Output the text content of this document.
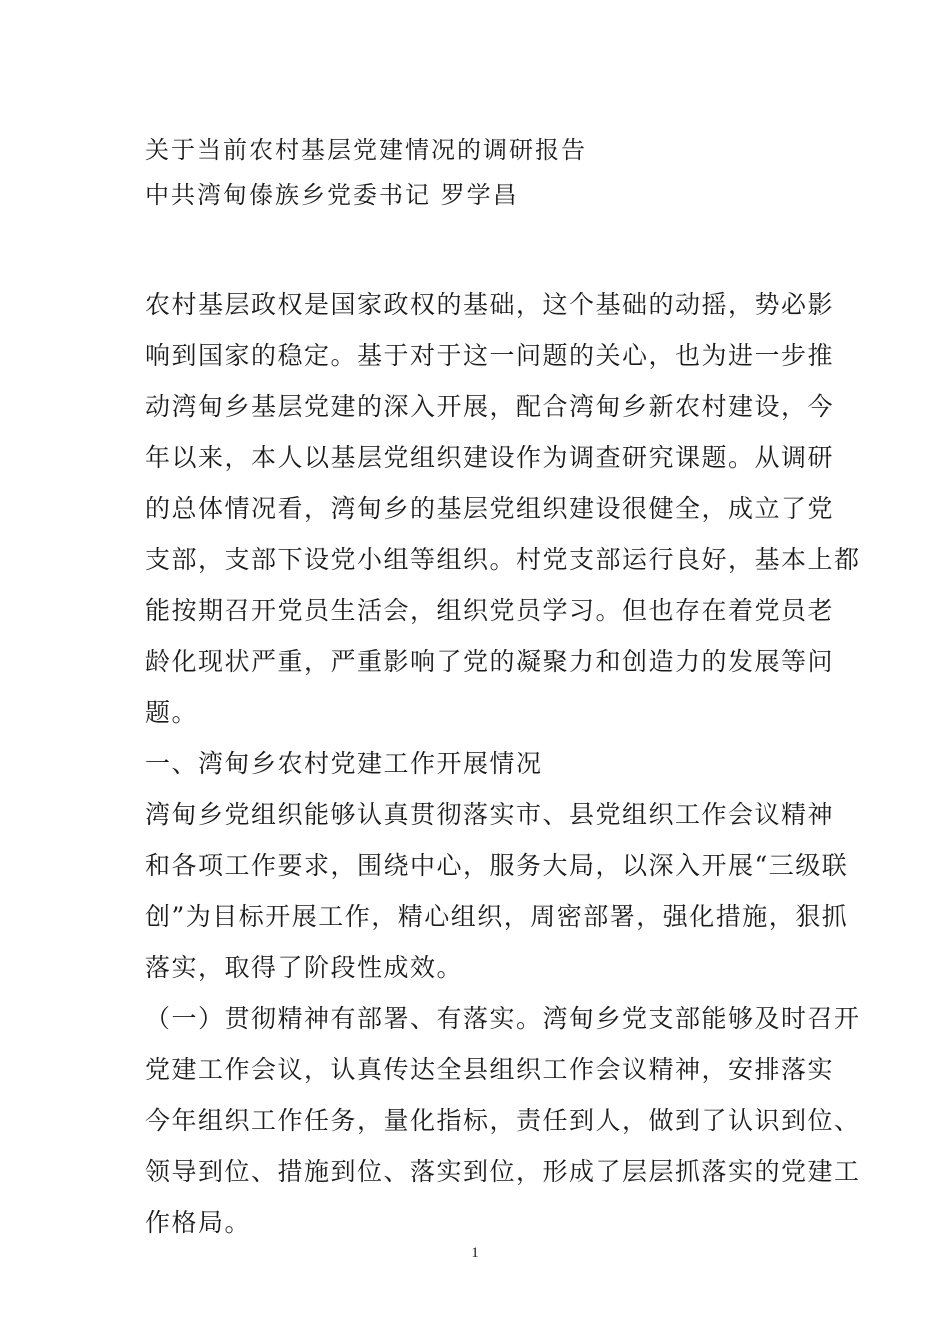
关于当前农村基层党建情况的调研报告
中共湾甸傣族乡党委书记 罗学昌
农村基层政权是国家政权的基础，这个基础的动摇，势必影
响到国家的稳定。基于对于这一问题的关心，也为进一步推
动湾甸乡基层党建的深入开展，配合湾甸乡新农村建设，今
年以来，本人以基层党组织建设作为调查研究课题。从调研
的总体情况看，湾甸乡的基层党组织建设很健全，成立了党
支部，支部下设党小组等组织。村党支部运行良好，基本上都
能按期召开党员生活会，组织党员学习。但也存在着党员老
龄化现状严重，严重影响了党的凝聚力和创造力的发展等问
题。
一、湾甸乡农村党建工作开展情况
湾甸乡党组织能够认真贯彻落实市、县党组织工作会议精神
和各项工作要求，围绕中心，服务大局，以深入开展“三级联
创”为目标开展工作，精心组织，周密部署，强化措施，狠抓
落实，取得了阶段性成效。
（一）贯彻精神有部署、有落实。湾甸乡党支部能够及时召开
党建工作会议，认真传达全县组织工作会议精神，安排落实
今年组织工作任务，量化指标，责任到人，做到了认识到位、
领导到位、措施到位、落实到位，形成了层层抓落实的党建工
作格局。
1
